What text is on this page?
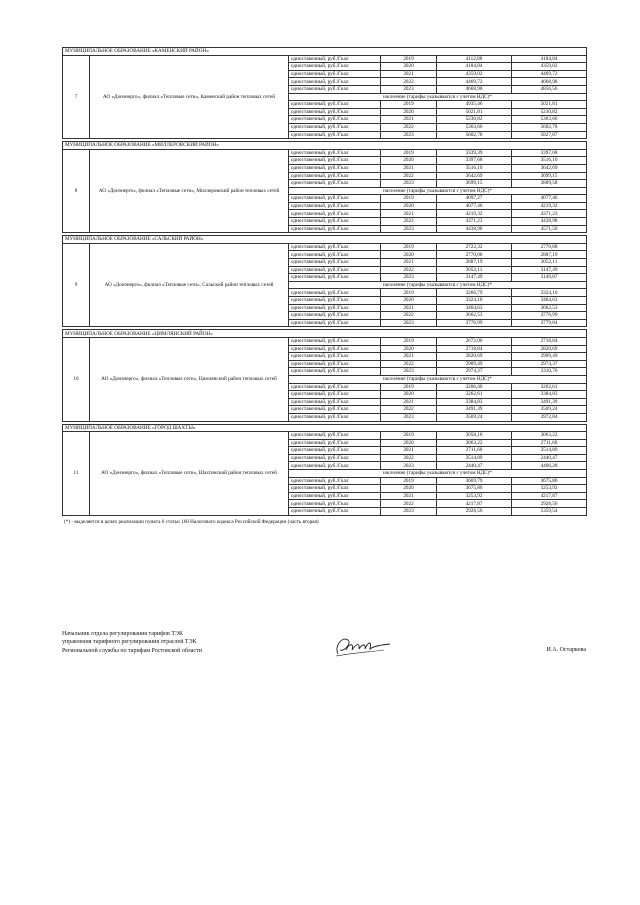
МУНИЦИПАЛЬНОЕ ОБРАЗОВАНИЕ «КАМЕНСКИЙ РАЙОН»					
7	АО «Донэнерго», филиал «Тепловые сети», Каменский район тепловых сетей	одноставочный, руб./Гкал	2019	4112,88	4184,84
		одноставочный, руб./Гкал	2020	4184,84	4359,02
		одноставочный, руб./Гкал	2021	4359,02	4469,72
		одноставочный, руб./Гкал	2022	4469,72	4668,98
		одноставочный, руб./Гкал	2023	4668,98	4856,56
		население (тарифы указываются с учетом НДС)*			
		одноставочный, руб./Гкал	2019	4935,46	5021,81
		одноставочный, руб./Гкал	2020	5021,81	5230,82
		одноставочный, руб./Гкал	2021	5230,82	5363,66
		одноставочный, руб./Гкал	2022	5363,66	5602,78
		одноставочный, руб./Гкал	2023	5602,78	5827,87

МУНИЦИПАЛЬНОЕ ОБРАЗОВАНИЕ «МИЛЛЕРОВСКИЙ РАЙОН»					
8	АО «Донэнерго», филиал «Тепловые сети», Миллеровский район тепловых сетей	одноставочный, руб./Гкал	2019	3339,39	3397,68
		одноставочный, руб./Гкал	2020	3397,68	3516,10
		одноставочный, руб./Гкал	2021	3516,10	3642,69
		одноставочный, руб./Гкал	2022	3642,69	3699,15
		одноставочный, руб./Гкал	2023	3699,15	3809,58
		население (тарифы указываются с учетом НДС)*			
		одноставочный, руб./Гкал	2019	4097,27	4077,46
		одноставочный, руб./Гкал	2020	4077,46	4219,32
		одноставочный, руб./Гкал	2021	4219,32	4371,23
		одноставочный, руб./Гкал	2022	4371,23	4438,98
		одноставочный, руб./Гкал	2023	4438,98	4571,50

МУНИЦИПАЛЬНОЕ ОБРАЗОВАНИЕ «САЛЬСКИЙ РАЙОН»					
9	АО «Донэнерго», филиал «Тепловые сети», Сальский район тепловых сетей	одноставочный, руб./Гкал	2019	2722,32	2770,08
		одноставочный, руб./Гкал	2020	2770,08	2887,19
		одноставочный, руб./Гкал	2021	2887,19	3052,11
		одноставочный, руб./Гкал	2022	3052,11	3147,49
		одноставочный, руб./Гкал	2023	3147,49	3149,87
		население (тарифы указываются с учетом НДС)*			
		одноставочный, руб./Гкал	2019	3266,79	3324,10
		одноставочный, руб./Гкал	2020	3324,10	3464,63
		одноставочный, руб./Гкал	2021	3464,63	3662,53
		одноставочный, руб./Гкал	2022	3662,53	3776,99
		одноставочный, руб./Гкал	2023	3776,99	3779,84

МУНИЦИПАЛЬНОЕ ОБРАЗОВАНИЕ «ЦИМЛЯНСКИЙ РАЙОН»					
10	АО «Донэнерго», филиал «Тепловые сети», Цимлянский район тепловых сетей	одноставочный, руб./Гкал	2019	2672,00	2718,84
		одноставочный, руб./Гкал	2020	2718,84	2820,69
		одноставочный, руб./Гкал	2021	2820,69	2909,49
		одноставочный, руб./Гкал	2022	2909,49	2974,37
		одноставочный, руб./Гкал	2023	2974,37	3310,70
		население (тарифы указываются с учетом НДС)*			
		одноставочный, руб./Гкал	2019	3206,40	3262,61
		одноставочный, руб./Гкал	2020	3262,61	3384,83
		одноставочный, руб./Гкал	2021	3384,83	3491,39
		одноставочный, руб./Гкал	2022	3491,39	3569,24
		одноставочный, руб./Гкал	2023	3569,24	3972,84

МУНИЦИПАЛЬНОЕ ОБРАЗОВАНИЕ «ГОРОД ШАХТЫ»					
11	АО «Донэнерго», филиал «Тепловые сети», Шахтинский район тепловых сетей	одноставочный, руб./Гкал	2019	3058,16	3063,22
		одноставочный, руб./Гкал	2020	3063,22	2711,60
		одноставочный, руб./Гкал	2021	2711,60	3514,89
		одноставочный, руб./Гкал	2022	3514,89	2440,47
		одноставочный, руб./Гкал	2023	2440,47	4466,28
		население (тарифы указываются с учетом НДС)*			
		одноставочный, руб./Гкал	2019	3669,79	3675,86
		одноставочный, руб./Гкал	2020	3675,86	3253,92
		одноставочный, руб./Гкал	2021	3253,92	4217,87
		одноставочный, руб./Гкал	2022	4217,87	2928,56
		одноставочный, руб./Гкал	2023	2928,56	5359,54
(*) - выделяется в целях реализации пункта 6 статьи 168 Налогового кодекса Российской Федерации (часть вторая)
Начальник отдела регулирования тарифов ТЭК
управления тарифного регулирования отраслей ТЭК
Региональной службы по тарифам Ростовской области	И.А. Остаркова
